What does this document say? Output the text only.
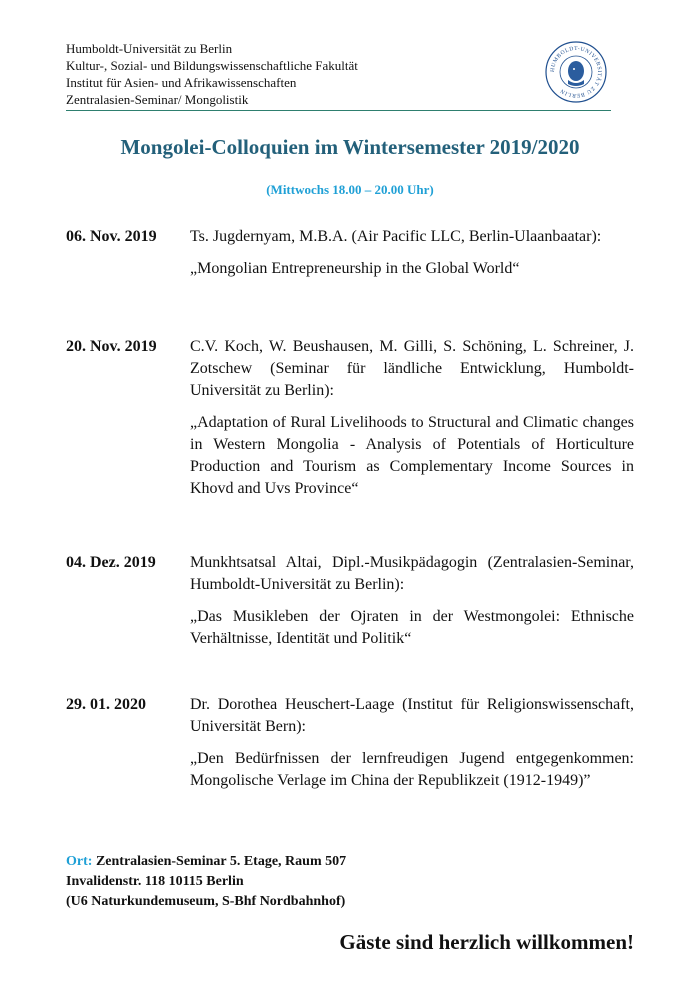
Humboldt-Universität zu Berlin
Kultur-, Sozial- und Bildungswissenschaftliche Fakultät
Institut für Asien- und Afrikawissenschaften
Zentralasien-Seminar/ Mongolistik
HUMBOLDT-UNIVERSITÄT ZU BERLIN
Mongolei-Colloquien im Wintersemester 2019/2020
(Mittwochs 18.00 – 20.00 Uhr)
06. Nov. 2019	Ts. Jugdernyam, M.B.A. (Air Pacific LLC, Berlin-Ulaanbaatar):
„Mongolian Entrepreneurship in the Global World“
20. Nov. 2019	C.V. Koch, W. Beushausen, M. Gilli, S. Schöning, L. Schreiner, J. Zotschew (Seminar für ländliche Entwicklung, Humboldt-Universität zu Berlin):
„Adaptation of Rural Livelihoods to Structural and Climatic changes in Western Mongolia - Analysis of Potentials of Horticulture Production and Tourism as Complementary Income Sources in Khovd and Uvs Province“
04. Dez. 2019	Munkhtsatsal Altai, Dipl.-Musikpädagogin (Zentralasien-Seminar, Humboldt-Universität zu Berlin):
„Das Musikleben der Ojraten in der Westmongolei: Ethnische Verhältnisse, Identität und Politik“
29. 01. 2020	Dr. Dorothea Heuschert-Laage (Institut für Religionswissenschaft, Universität Bern):
„Den Bedürfnissen der lernfreudigen Jugend entgegenkommen: Mongolische Verlage im China der Republikzeit (1912-1949)”
Ort: Zentralasien-Seminar 5. Etage, Raum 507
Invalidenstr. 118 10115 Berlin
(U6 Naturkundemuseum, S-Bhf Nordbahnhof)
Gäste sind herzlich willkommen!
